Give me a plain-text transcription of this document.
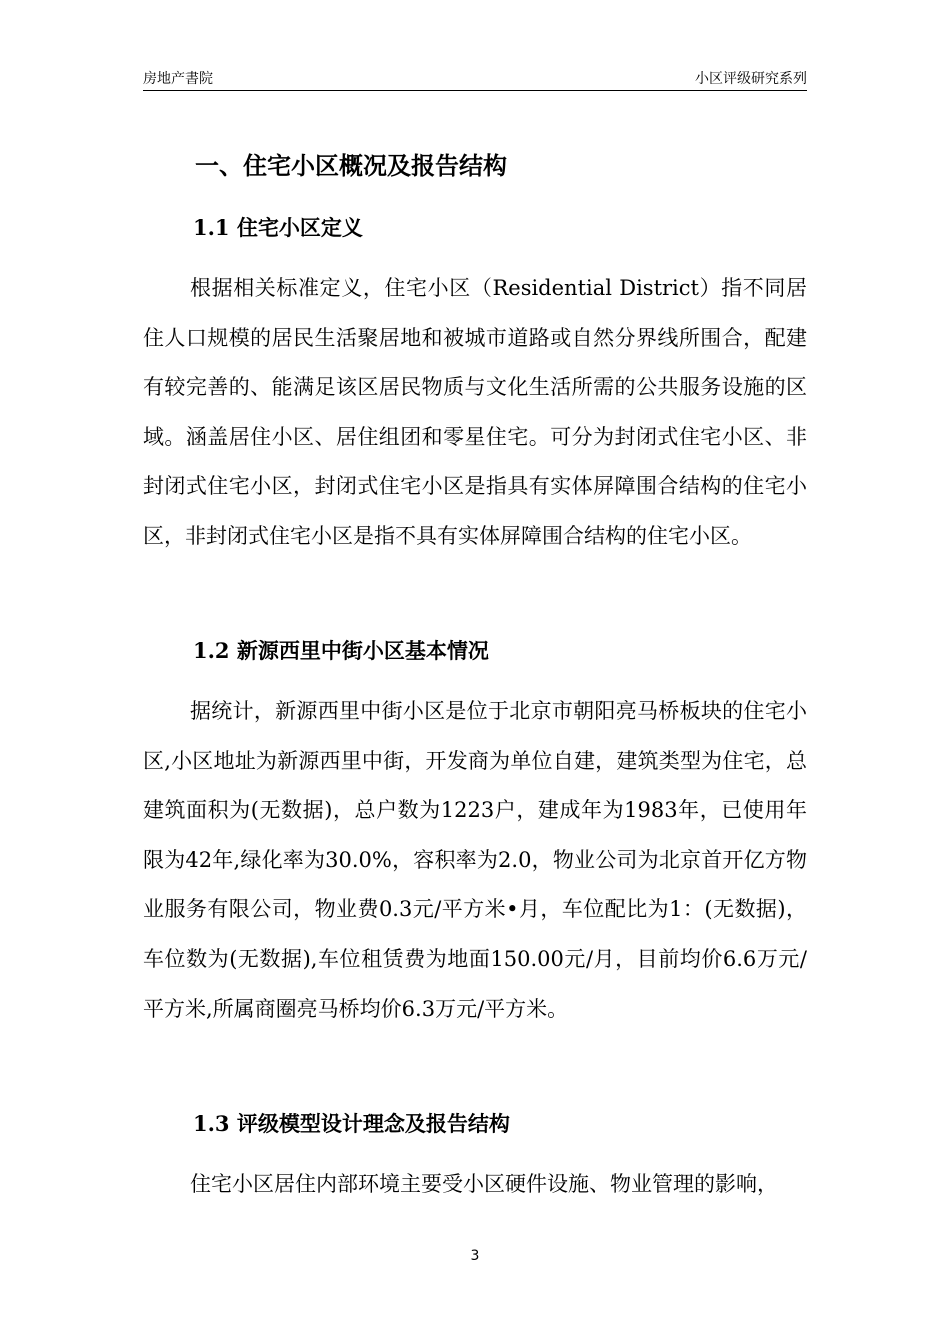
房地产書院	小区评级研究系列
一、住宅小区概况及报告结构
1.1 住宅小区定义

根据相关标准定义，住宅小区（Residential District）指不同居住人口规模的居民生活聚居地和被城市道路或自然分界线所围合，配建有较完善的、能满足该区居民物质与文化生活所需的公共服务设施的区域。涵盖居住小区、居住组团和零星住宅。可分为封闭式住宅小区、非封闭式住宅小区，封闭式住宅小区是指具有实体屏障围合结构的住宅小区，非封闭式住宅小区是指不具有实体屏障围合结构的住宅小区。

1.2 新源西里中街小区基本情况

据统计，新源西里中街小区是位于北京市朝阳亮马桥板块的住宅小区,小区地址为新源西里中街，开发商为单位自建，建筑类型为住宅，总建筑面积为(无数据)，总户数为1223户，建成年为1983年，已使用年限为42年,绿化率为30.0%，容积率为2.0，物业公司为北京首开亿方物业服务有限公司，物业费0.3元/平方米•月，车位配比为1：(无数据)，车位数为(无数据),车位租赁费为地面150.00元/月，目前均价6.6万元/平方米,所属商圈亮马桥均价6.3万元/平方米。

1.3 评级模型设计理念及报告结构

住宅小区居住内部环境主要受小区硬件设施、物业管理的影响，

3
